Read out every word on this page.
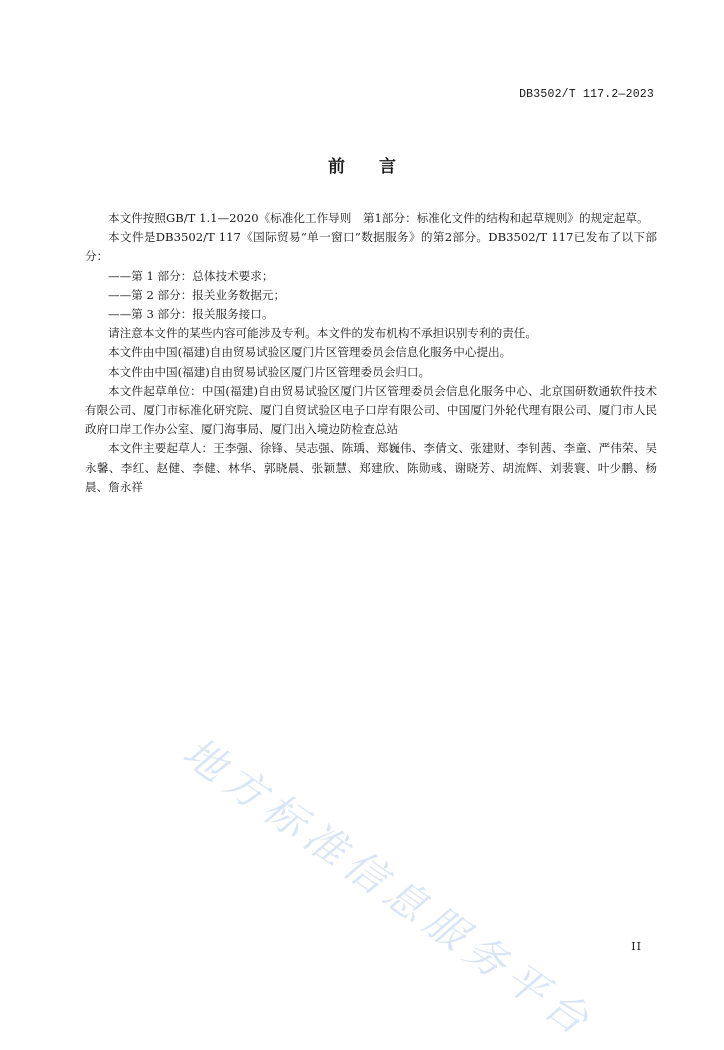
DB3502/T 117.2—2023
前 言

本文件按照GB/T 1.1—2020《标准化工作导则　第1部分：标准化文件的结构和起草规则》的规定起草。

本文件是DB3502/T 117《国际贸易“单一窗口”数据服务》的第2部分。DB3502/T 117已发布了以下部分：

——第 1 部分：总体技术要求；

——第 2 部分：报关业务数据元；

——第 3 部分：报关服务接口。

请注意本文件的某些内容可能涉及专利。本文件的发布机构不承担识别专利的责任。

本文件由中国(福建)自由贸易试验区厦门片区管理委员会信息化服务中心提出。

本文件由中国(福建)自由贸易试验区厦门片区管理委员会归口。

本文件起草单位：中国(福建)自由贸易试验区厦门片区管理委员会信息化服务中心、北京国研数通软件技术有限公司、厦门市标准化研究院、厦门自贸试验区电子口岸有限公司、中国厦门外轮代理有限公司、厦门市人民政府口岸工作办公室、厦门海事局、厦门出入境边防检查总站

本文件主要起草人：王李强、徐锋、吴志强、陈瑀、郑巍伟、李倩文、张建财、李钊茜、李童、严伟荣、吴永馨、李红、赵健、李健、林华、郭晓晨、张颖慧、郑建欣、陈勋彧、谢晓芳、胡流辉、刘裴寰、叶少鹏、杨晨、詹永祥

地方标准信息服务平台	II
